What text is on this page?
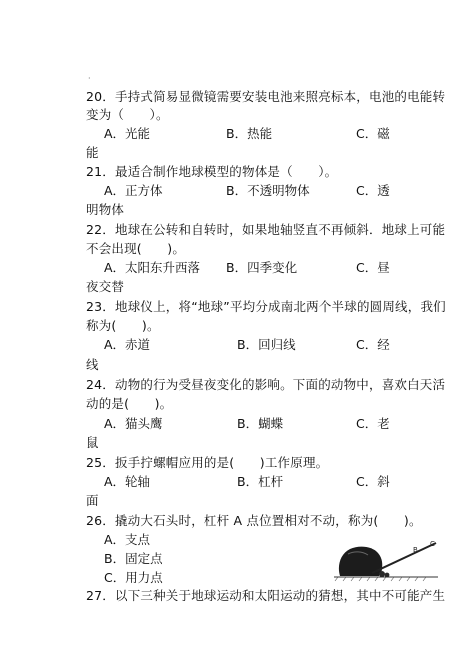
·
20．手持式简易显微镜需要安装电池来照亮标本，电池的电能转
变为（　　）。
A．光能	B．热能	C．磁
能
21．最适合制作地球模型的物体是（　　）。
A．正方体	B．不透明物体	C．透
明物体
22．地球在公转和自转时，如果地轴竖直不再倾斜．地球上可能
不会出现(　　)。
A．太阳东升西落 B．四季变化	C．昼
夜交替
23．地球仪上，将“地球”平均分成南北两个半球的圆周线，我们
称为(　　)。
A．赤道	B．回归线	C．经
线
24．动物的行为受昼夜变化的影响。下面的动物中，喜欢白天活
动的是(　　)。
A．猫头鹰	B．蝴蝶	C．老
鼠
25．扳手拧螺帽应用的是(　　)工作原理。
A．轮轴	B．杠杆	C．斜
面
26．撬动大石头时，杠杆 A 点位置相对不动，称为(　　)。
A．支点
B．固定点
C．用力点
B
C
27．以下三种关于地球运动和太阳运动的猜想，其中不可能产生
